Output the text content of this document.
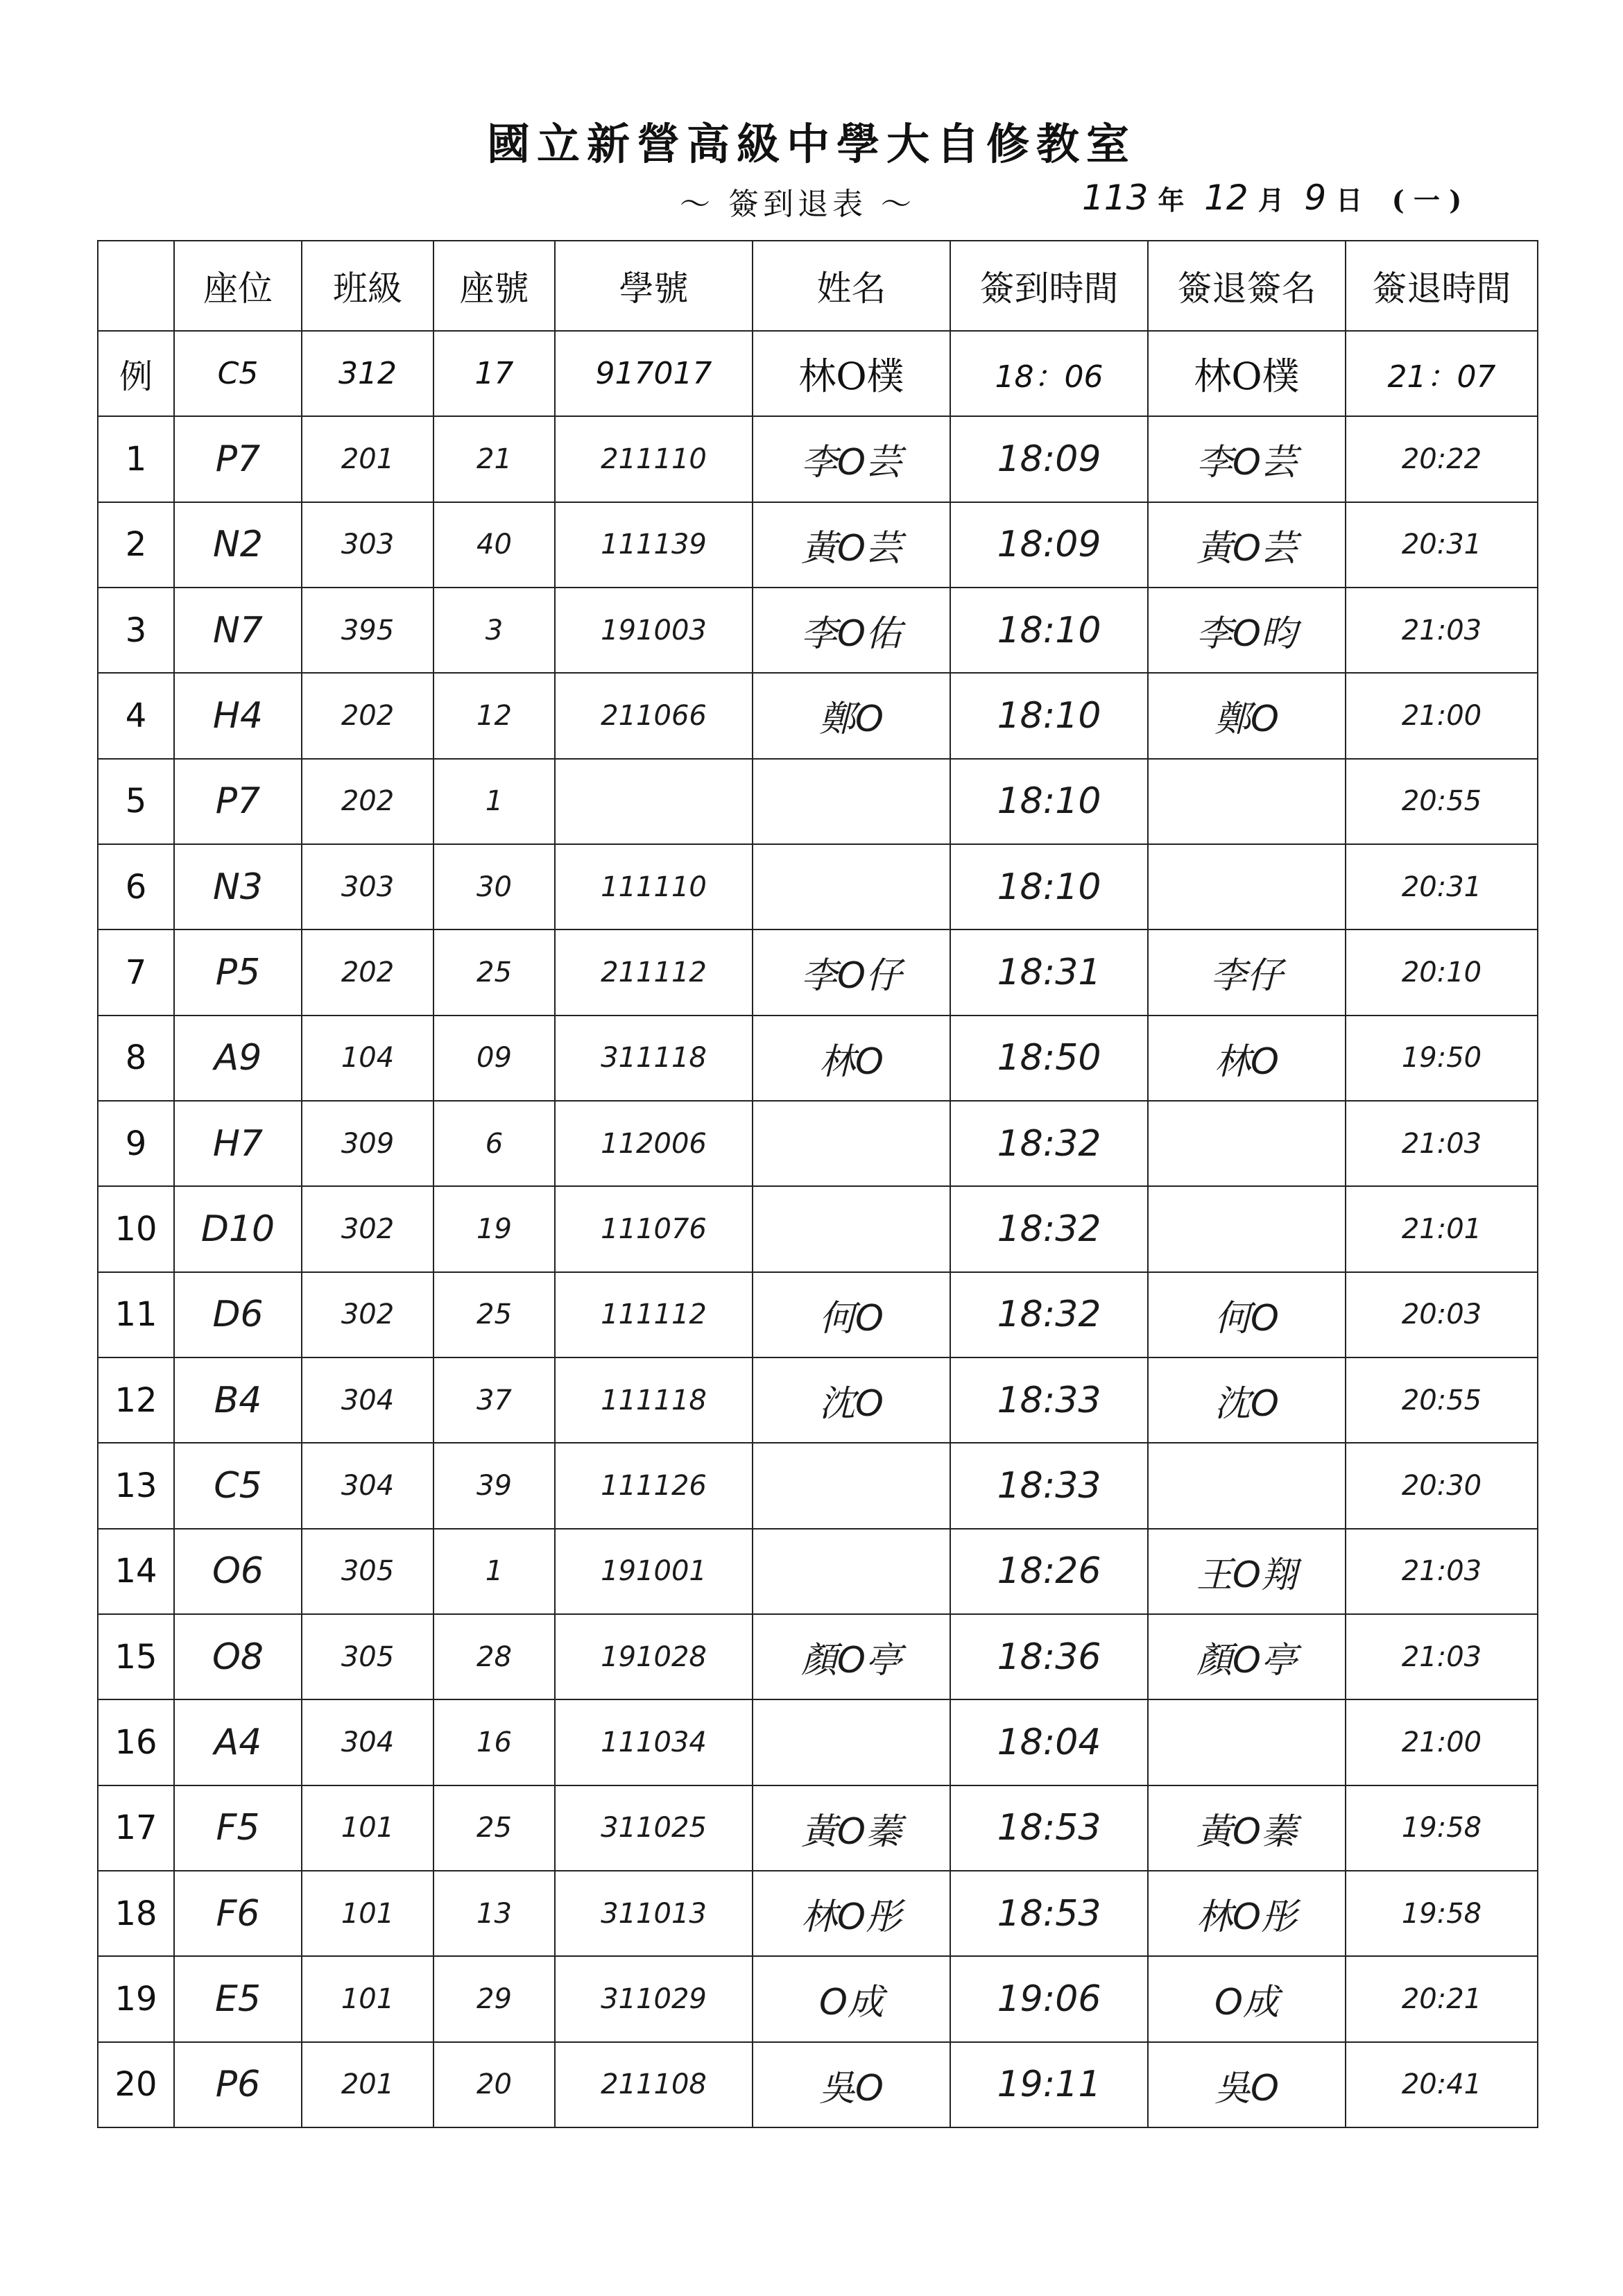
國立新營高級中學大自修教室
～ 簽到退表 ～	113 年 12 月 9 日 ( 一 )
	座位	班級	座號	學號	姓名	簽到時間	簽退簽名	簽退時間
例	C5	312	17	917017	林O樸	18：06	林O樸	21：07
1	P7	201	21	211110	李O芸	18:09	李O芸	20:22
2	N2	303	40	111139	黃O芸	18:09	黃O芸	20:31
3	N7	395	3	191003	李O佑	18:10	李O昀	21:03
4	H4	202	12	211066	鄭O	18:10	鄭O	21:00
5	P7	202	1			18:10		20:55
6	N3	303	30	111110		18:10		20:31
7	P5	202	25	211112	李O仔	18:31	李仔	20:10
8	A9	104	09	311118	林O	18:50	林O	19:50
9	H7	309	6	112006		18:32		21:03
10	D10	302	19	111076		18:32		21:01
11	D6	302	25	111112	何O	18:32	何O	20:03
12	B4	304	37	111118	沈O	18:33	沈O	20:55
13	C5	304	39	111126		18:33		20:30
14	O6	305	1	191001		18:26	王O翔	21:03
15	O8	305	28	191028	顏O亭	18:36	顏O亭	21:03
16	A4	304	16	111034		18:04		21:00
17	F5	101	25	311025	黃O蓁	18:53	黃O蓁	19:58
18	F6	101	13	311013	林O彤	18:53	林O彤	19:58
19	E5	101	29	311029	O成	19:06	O成	20:21
20	P6	201	20	211108	吳O	19:11	吳O	20:41
